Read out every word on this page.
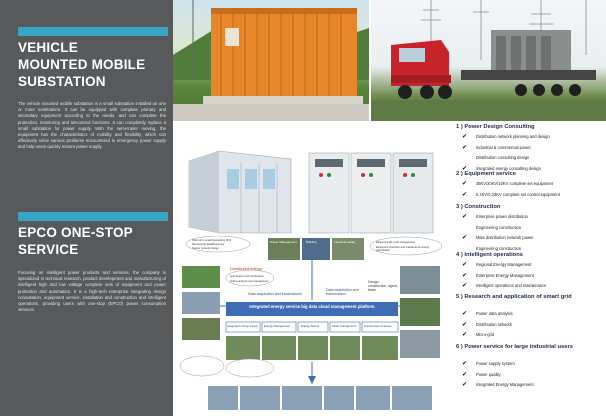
VEHICLE
MOUNTED MOBILE
SUBSTATION
The vehicle mounted mobile substation is a small substation installed on one or more semitrailers. It can be equipped with complete primary and secondary equipment according to the needs, and can complete the protection, monitoring and telecontrol functions. It can completely replace a small substation for power supply. With the semi-trailer moving, the equipment has the characteristics of mobility and flexibility, which can effectively solve various problems encountered in emergency power supply and help users quickly restore power supply.
EPCO ONE-STOP
SERVICE
Focusing on intelligent power products and services, the company is specialized in technical research, product development and manufacturing of intelligent high and low voltage complete sets of equipment and power protection and automation. It is a high-tech enterprise integrating design consultation, equipment service, installation and construction and intelligent operations, providing users with one-stop (EPCO) power consumption services.
Integrated energy service big data cloud management platform
Distributed energy
Data acquisition and transmission
Data acquisition and transmission
Design, construction, agent, lease
Power Management	Building	Industrial estate
Short-term Load Forecasting DCS
Demand big data/Response
Source network charge
optimization and coordination
Online analysis and management
Equipment life cycle management
Equipment operation and maintenance testing optimization
Integrated energy supply Energy Management	Energy Saving	Asset management	Construction of assets
1 ) Power Design Consulting
✔ Distribution network planning and design
✔ Industrial & commercial power
Distribution consulting design
✔ Integrated energy consulting design
2 ) Equipment service
✔ 35KV/20KV/10KV complete set equipment
✔ 0.4KV/0.23KV complete set control equipment
3 ) Construction
✔ Enterprise power distribution
Engineering construction
✔ Main distribution network power
Engineering construction
4 ) Intelligent operations
✔ Regional Energy Management
✔ Enterprise Energy Management
✔ Intelligent operations and maintenance
5 ) Research and application of smart grid
✔ Power data analysis
✔ Distribution network
✔ Micro-grid
6 ) Power service for large industrial users
✔ Power supply system
✔ Power quality
✔ Integrated Energy Management
